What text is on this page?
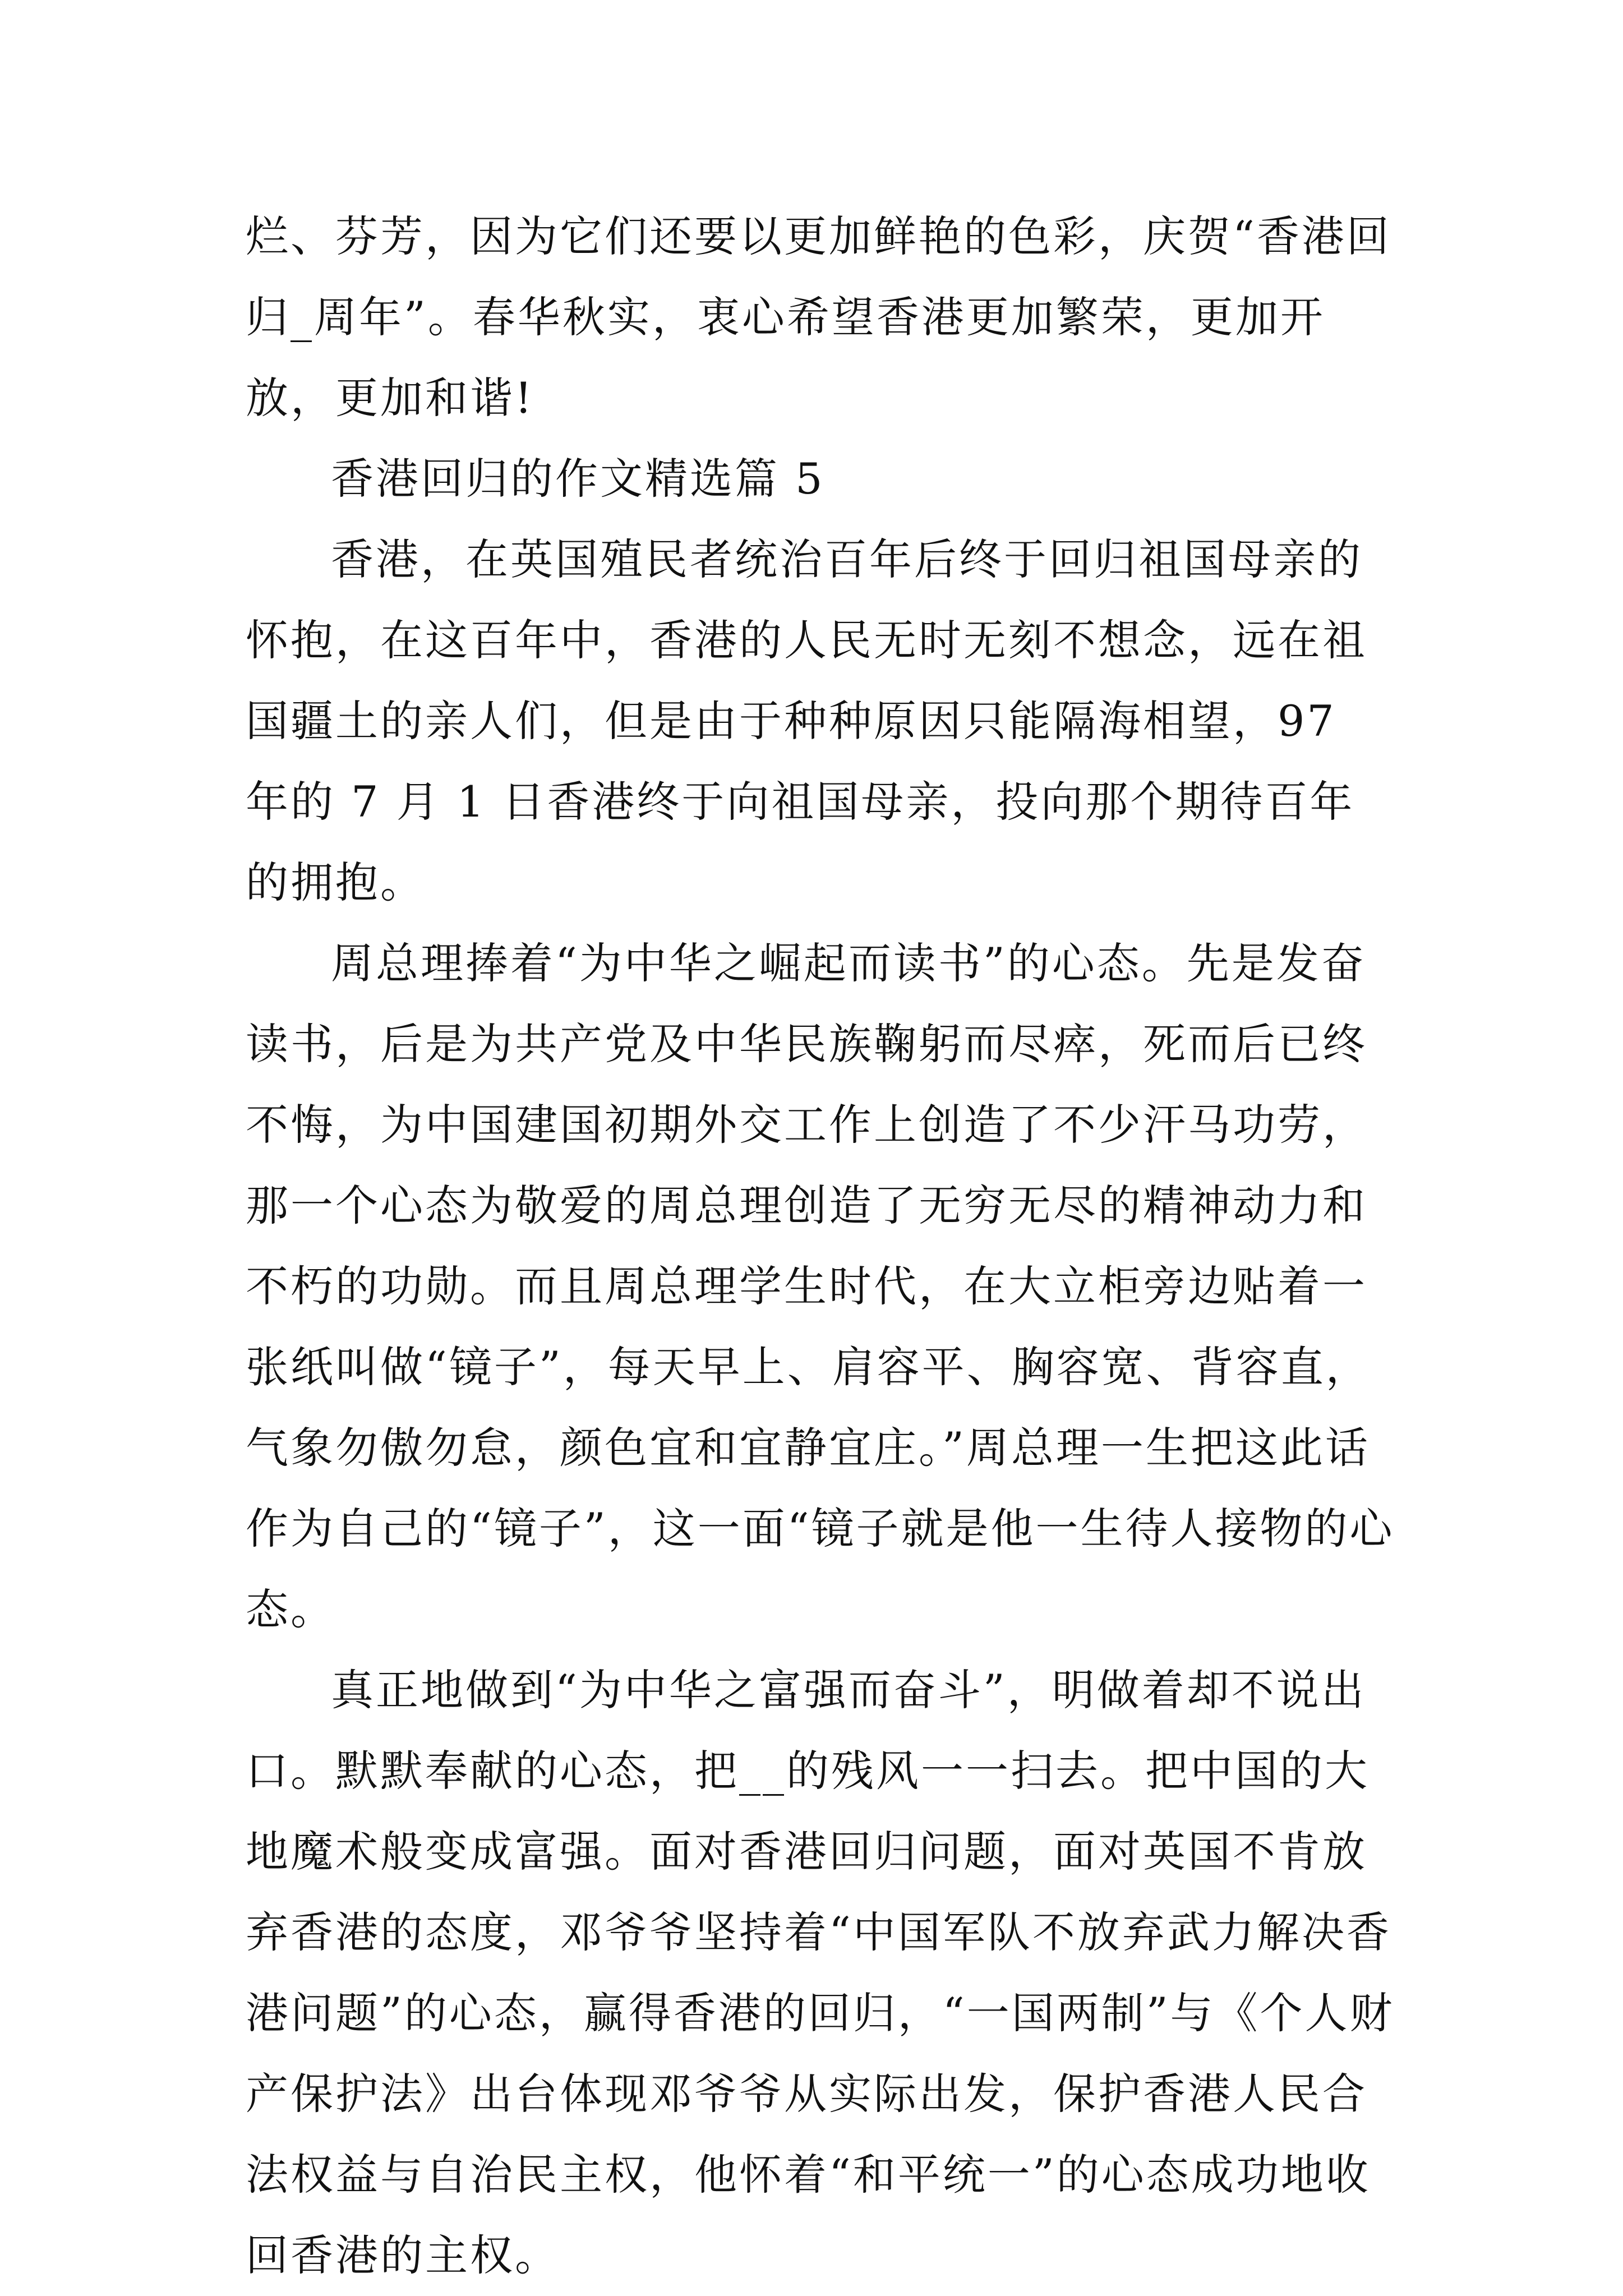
烂、芬芳，因为它们还要以更加鲜艳的色彩，庆贺“香港回归_周年”。春华秋实，衷心希望香港更加繁荣，更加开放，更加和谐!

香港回归的作文精选篇 5

香港，在英国殖民者统治百年后终于回归祖国母亲的怀抱，在这百年中，香港的人民无时无刻不想念，远在祖国疆土的亲人们，但是由于种种原因只能隔海相望，97 年的 7 月 1 日香港终于向祖国母亲，投向那个期待百年的拥抱。

周总理捧着“为中华之崛起而读书”的心态。先是发奋读书，后是为共产党及中华民族鞠躬而尽瘁，死而后已终不悔，为中国建国初期外交工作上创造了不少汗马功劳，那一个心态为敬爱的周总理创造了无穷无尽的精神动力和不朽的功勋。而且周总理学生时代，在大立柜旁边贴着一张纸叫做“镜子”，每天早上、肩容平、胸容宽、背容直，气象勿傲勿怠，颜色宜和宜静宜庄。”周总理一生把这此话作为自己的“镜子”，这一面“镜子就是他一生待人接物的心态。

真正地做到“为中华之富强而奋斗”，明做着却不说出口。默默奉献的心态，把__的残风一一扫去。把中国的大地魔术般变成富强。面对香港回归问题，面对英国不肯放弃香港的态度，邓爷爷坚持着“中国军队不放弃武力解决香港问题”的心态，赢得香港的回归，“一国两制”与《个人财产保护法》出台体现邓爷爷从实际出发，保护香港人民合法权益与自治民主权，他怀着“和平统一”的心态成功地收回香港的主权。
